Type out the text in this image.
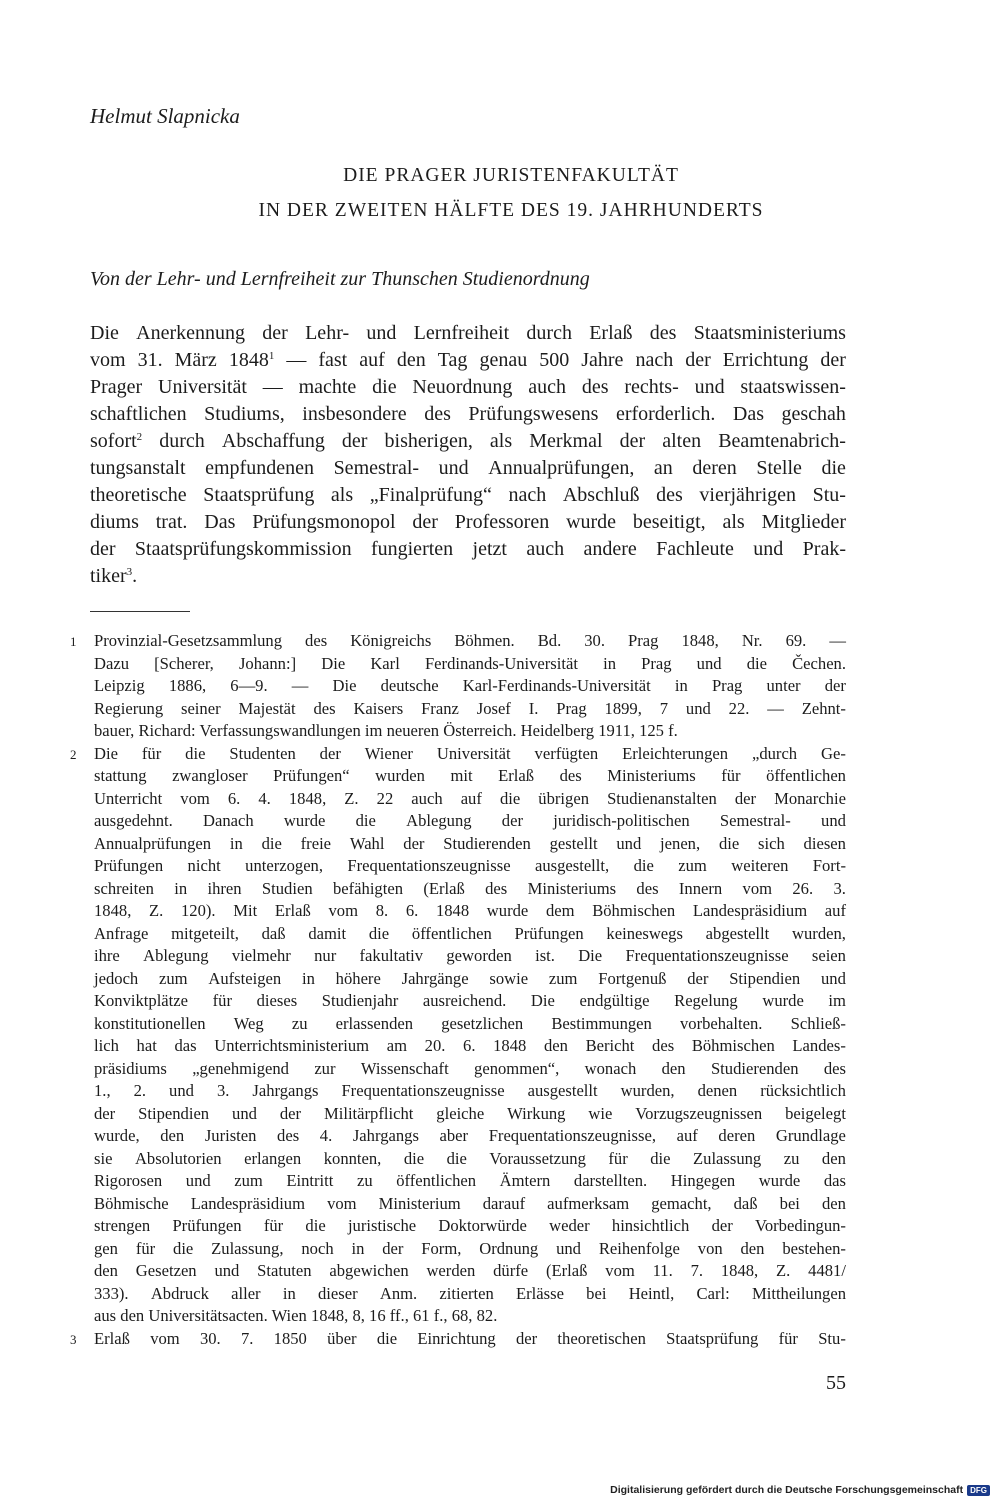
Helmut Slapnicka
DIE PRAGER JURISTENFAKULTÄT
IN DER ZWEITEN HÄLFTE DES 19. JAHRHUNDERTS
Von der Lehr- und Lernfreiheit zur Thunschen Studienordnung
Die Anerkennung der Lehr- und Lernfreiheit durch Erlaß des Staatsministeriums
vom 31. März 1848$^1$ — fast auf den Tag genau 500 Jahre nach der Errichtung der
Prager Universität — machte die Neuordnung auch des rechts- und staatswissen-
schaftlichen Studiums, insbesondere des Prüfungswesens erforderlich. Das geschah
sofort$^2$ durch Abschaffung der bisherigen, als Merkmal der alten Beamtenabrich-
tungsanstalt empfundenen Semestral- und Annualprüfungen, an deren Stelle die
theoretische Staatsprüfung als „Finalprüfung“ nach Abschluß des vierjährigen Stu-
diums trat. Das Prüfungsmonopol der Professoren wurde beseitigt, als Mitglieder
der Staatsprüfungskommission fungierten jetzt auch andere Fachleute und Prak-
tiker$^3$.
1	Provinzial-Gesetzsammlung des Königreichs Böhmen. Bd. 30. Prag 1848, Nr. 69. —
Dazu [Scherer, Johann:] Die Karl Ferdinands-Universität in Prag und die Čechen.
Leipzig 1886, 6—9. — Die deutsche Karl-Ferdinands-Universität in Prag unter der
Regierung seiner Majestät des Kaisers Franz Josef I. Prag 1899, 7 und 22. — Zehnt-
bauer, Richard: Verfassungswandlungen im neueren Österreich. Heidelberg 1911, 125 f.
2	Die für die Studenten der Wiener Universität verfügten Erleichterungen „durch Ge-
stattung zwangloser Prüfungen“ wurden mit Erlaß des Ministeriums für öffentlichen
Unterricht vom 6. 4. 1848, Z. 22 auch auf die übrigen Studienanstalten der Monarchie
ausgedehnt. Danach wurde die Ablegung der juridisch-politischen Semestral- und
Annualprüfungen in die freie Wahl der Studierenden gestellt und jenen, die sich diesen
Prüfungen nicht unterzogen, Frequentationszeugnisse ausgestellt, die zum weiteren Fort-
schreiten in ihren Studien befähigten (Erlaß des Ministeriums des Innern vom 26. 3.
1848, Z. 120). Mit Erlaß vom 8. 6. 1848 wurde dem Böhmischen Landespräsidium auf
Anfrage mitgeteilt, daß damit die öffentlichen Prüfungen keineswegs abgestellt wurden,
ihre Ablegung vielmehr nur fakultativ geworden ist. Die Frequentationszeugnisse seien
jedoch zum Aufsteigen in höhere Jahrgänge sowie zum Fortgenuß der Stipendien und
Konviktplätze für dieses Studienjahr ausreichend. Die endgültige Regelung wurde im
konstitutionellen Weg zu erlassenden gesetzlichen Bestimmungen vorbehalten. Schließ-
lich hat das Unterrichtsministerium am 20. 6. 1848 den Bericht des Böhmischen Landes-
präsidiums „genehmigend zur Wissenschaft genommen“, wonach den Studierenden des
1., 2. und 3. Jahrgangs Frequentationszeugnisse ausgestellt wurden, denen rücksichtlich
der Stipendien und der Militärpflicht gleiche Wirkung wie Vorzugszeugnissen beigelegt
wurde, den Juristen des 4. Jahrgangs aber Frequentationszeugnisse, auf deren Grundlage
sie Absolutorien erlangen konnten, die die Voraussetzung für die Zulassung zu den
Rigorosen und zum Eintritt zu öffentlichen Ämtern darstellten. Hingegen wurde das
Böhmische Landespräsidium vom Ministerium darauf aufmerksam gemacht, daß bei den
strengen Prüfungen für die juristische Doktorwürde weder hinsichtlich der Vorbedingun-
gen für die Zulassung, noch in der Form, Ordnung und Reihenfolge von den bestehen-
den Gesetzen und Statuten abgewichen werden dürfe (Erlaß vom 11. 7. 1848, Z. 4481/
333). Abdruck aller in dieser Anm. zitierten Erlässe bei Heintl, Carl: Mittheilungen
aus den Universitätsacten. Wien 1848, 8, 16 ff., 61 f., 68, 82.
3	Erlaß vom 30. 7. 1850 über die Einrichtung der theoretischen Staatsprüfung für Stu-
55
Digitalisierung gefördert durch die Deutsche Forschungsgemeinschaft DFG
